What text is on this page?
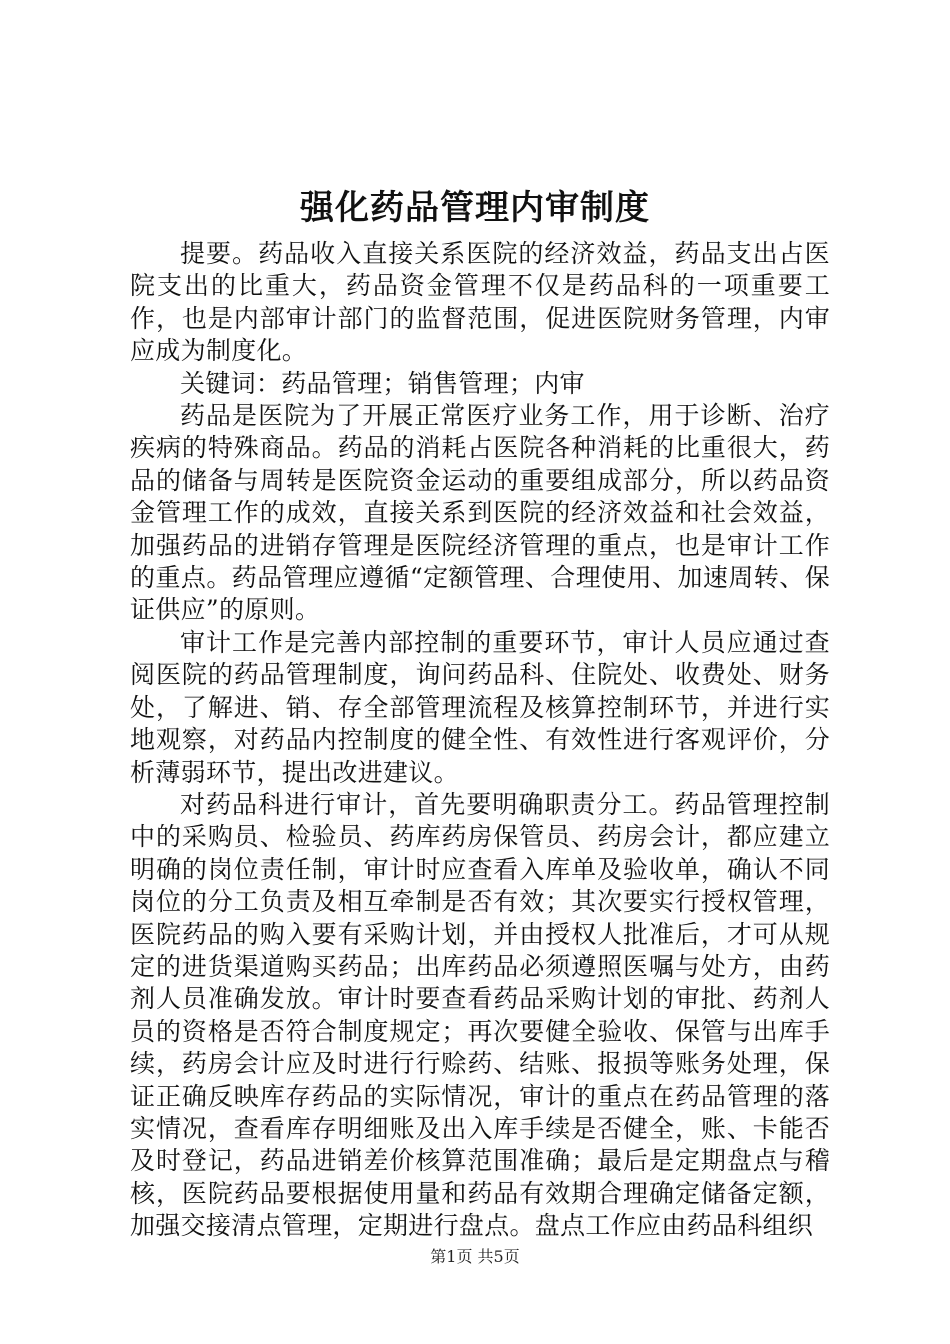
强化药品管理内审制度

提要。药品收入直接关系医院的经济效益，药品支出占医院支出的比重大，药品资金管理不仅是药品科的一项重要工作，也是内部审计部门的监督范围，促进医院财务管理，内审应成为制度化。

关键词：药品管理；销售管理；内审

药品是医院为了开展正常医疗业务工作，用于诊断、治疗疾病的特殊商品。药品的消耗占医院各种消耗的比重很大，药品的储备与周转是医院资金运动的重要组成部分，所以药品资金管理工作的成效，直接关系到医院的经济效益和社会效益，加强药品的进销存管理是医院经济管理的重点，也是审计工作的重点。药品管理应遵循“定额管理、合理使用、加速周转、保证供应”的原则。

审计工作是完善内部控制的重要环节，审计人员应通过查阅医院的药品管理制度，询问药品科、住院处、收费处、财务处，了解进、销、存全部管理流程及核算控制环节，并进行实地观察，对药品内控制度的健全性、有效性进行客观评价，分析薄弱环节，提出改进建议。

对药品科进行审计，首先要明确职责分工。药品管理控制中的采购员、检验员、药库药房保管员、药房会计，都应建立明确的岗位责任制，审计时应查看入库单及验收单，确认不同岗位的分工负责及相互牵制是否有效；其次要实行授权管理，医院药品的购入要有采购计划，并由授权人批准后，才可从规定的进货渠道购买药品；出库药品必须遵照医嘱与处方，由药剂人员准确发放。审计时要查看药品采购计划的审批、药剂人员的资格是否符合制度规定；再次要健全验收、保管与出库手续，药房会计应及时进行行赊药、结账、报损等账务处理，保证正确反映库存药品的实际情况，审计的重点在药品管理的落实情况，查看库存明细账及出入库手续是否健全，账、卡能否及时登记，药品进销差价核算范围准确；最后是定期盘点与稽核，医院药品要根据使用量和药品有效期合理确定储备定额，加强交接清点管理，定期进行盘点。盘点工作应由药品科组织

第1页 共5页
